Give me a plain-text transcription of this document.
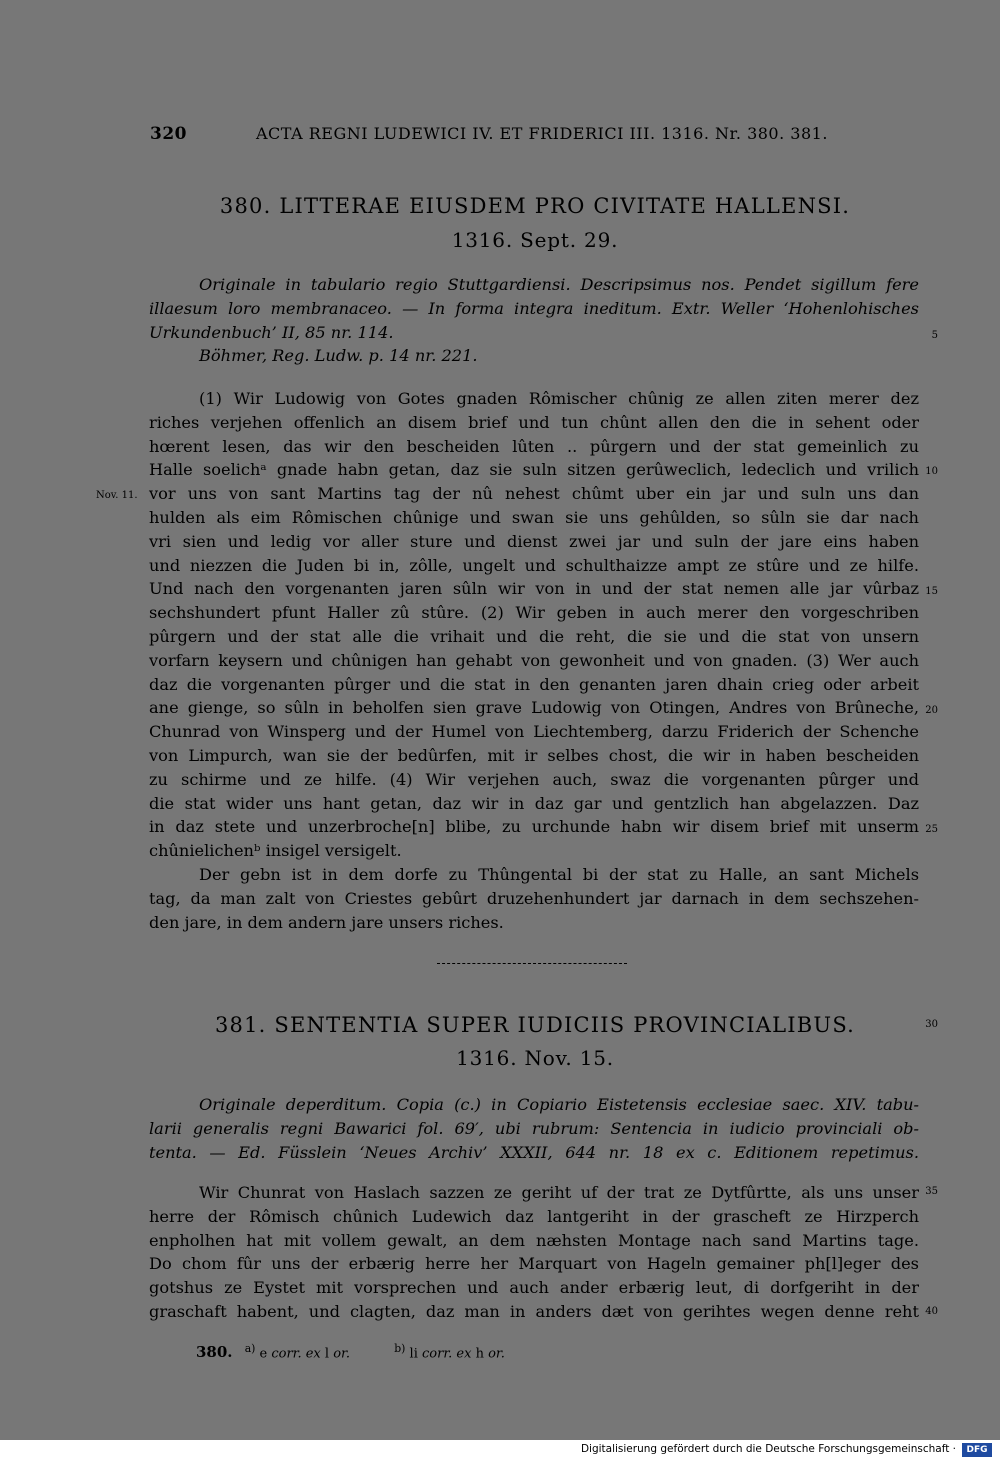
320	ACTA REGNI LUDEWICI IV. ET FRIDERICI III. 1316. Nr. 380. 381.
380. LITTERAE EIUSDEM PRO CIVITATE HALLENSI.
1316. Sept. 29.
Originale in tabulario regio Stuttgardiensi. Descripsimus nos. Pendet sigillum fere
illaesum loro membranaceo. — In forma integra ineditum. Extr. Weller ‘Hohenlohisches
Urkundenbuch’ II, 85 nr. 114.
Böhmer, Reg. Ludw. p. 14 nr. 221.
(1) Wir Ludowig von Gotes gnaden Rômischer chûnig ze allen ziten merer dez
riches verjehen offenlich an disem brief und tun chûnt allen den die in sehent oder
hœrent lesen, das wir den bescheiden lûten .. pûrgern und der stat gemeinlich zu
Halle soelichᵃ gnade habn getan, daz sie suln sitzen gerûweclich, ledeclich und vrilich
vor uns von sant Martins tag der nû nehest chûmt uber ein jar und suln uns dan
hulden als eim Rômischen chûnige und swan sie uns gehûlden, so sûln sie dar nach
vri sien und ledig vor aller sture und dienst zwei jar und suln der jare eins haben
und niezzen die Juden bi in, zôlle, ungelt und schulthaizze ampt ze stûre und ze hilfe.
Und nach den vorgenanten jaren sûln wir von in und der stat nemen alle jar vûrbaz
sechshundert pfunt Haller zû stûre. (2) Wir geben in auch merer den vorgeschriben
pûrgern und der stat alle die vrihait und die reht, die sie und die stat von unsern
vorfarn keysern und chûnigen han gehabt von gewonheit und von gnaden. (3) Wer auch
daz die vorgenanten pûrger und die stat in den genanten jaren dhain crieg oder arbeit
ane gienge, so sûln in beholfen sien grave Ludowig von Otingen, Andres von Brûneche,
Chunrad von Winsperg und der Humel von Liechtemberg, darzu Friderich der Schenche
von Limpurch, wan sie der bedûrfen, mit ir selbes chost, die wir in haben bescheiden
zu schirme und ze hilfe. (4) Wir verjehen auch, swaz die vorgenanten pûrger und
die stat wider uns hant getan, daz wir in daz gar und gentzlich han abgelazzen. Daz
in daz stete und unzerbroche[n] blibe, zu urchunde habn wir disem brief mit unserm
chûnielichenᵇ insigel versigelt.
Der gebn ist in dem dorfe zu Thûngental bi der stat zu Halle, an sant Michels
tag, da man zalt von Criestes gebûrt druzehenhundert jar darnach in dem sechszehen-
den jare, in dem andern jare unsers riches.
381. SENTENTIA SUPER IUDICIIS PROVINCIALIBUS.
1316. Nov. 15.
Originale deperditum. Copia (c.) in Copiario Eistetensis ecclesiae saec. XIV. tabu-
larii generalis regni Bawarici fol. 69′, ubi rubrum: Sentencia in iudicio provinciali ob-
tenta. — Ed. Füsslein ‘Neues Archiv’ XXXII, 644 nr. 18 ex c. Editionem repetimus.
Wir Chunrat von Haslach sazzen ze geriht uf der trat ze Dytfûrtte, als uns unser
herre der Rômisch chûnich Ludewich daz lantgeriht in der grascheft ze Hirzperch
enpholhen hat mit vollem gewalt, an dem næhsten Montage nach sand Martins tage.
Do chom fûr uns der erbærig herre her Marquart von Hageln gemainer ph[l]eger des
gotshus ze Eystet mit vorsprechen und auch ander erbærig leut, di dorfgeriht in der
graschaft habent, und clagten, daz man in anders dæt von gerihtes wegen denne reht
5
10
15
20
25
30
35
40
Nov. 11.
380. $^{a)}$ e corr. ex l or.	$^{b)}$ li corr. ex h or.
Digitalisierung gefördert durch die Deutsche Forschungsgemeinschaft ·	DFG
